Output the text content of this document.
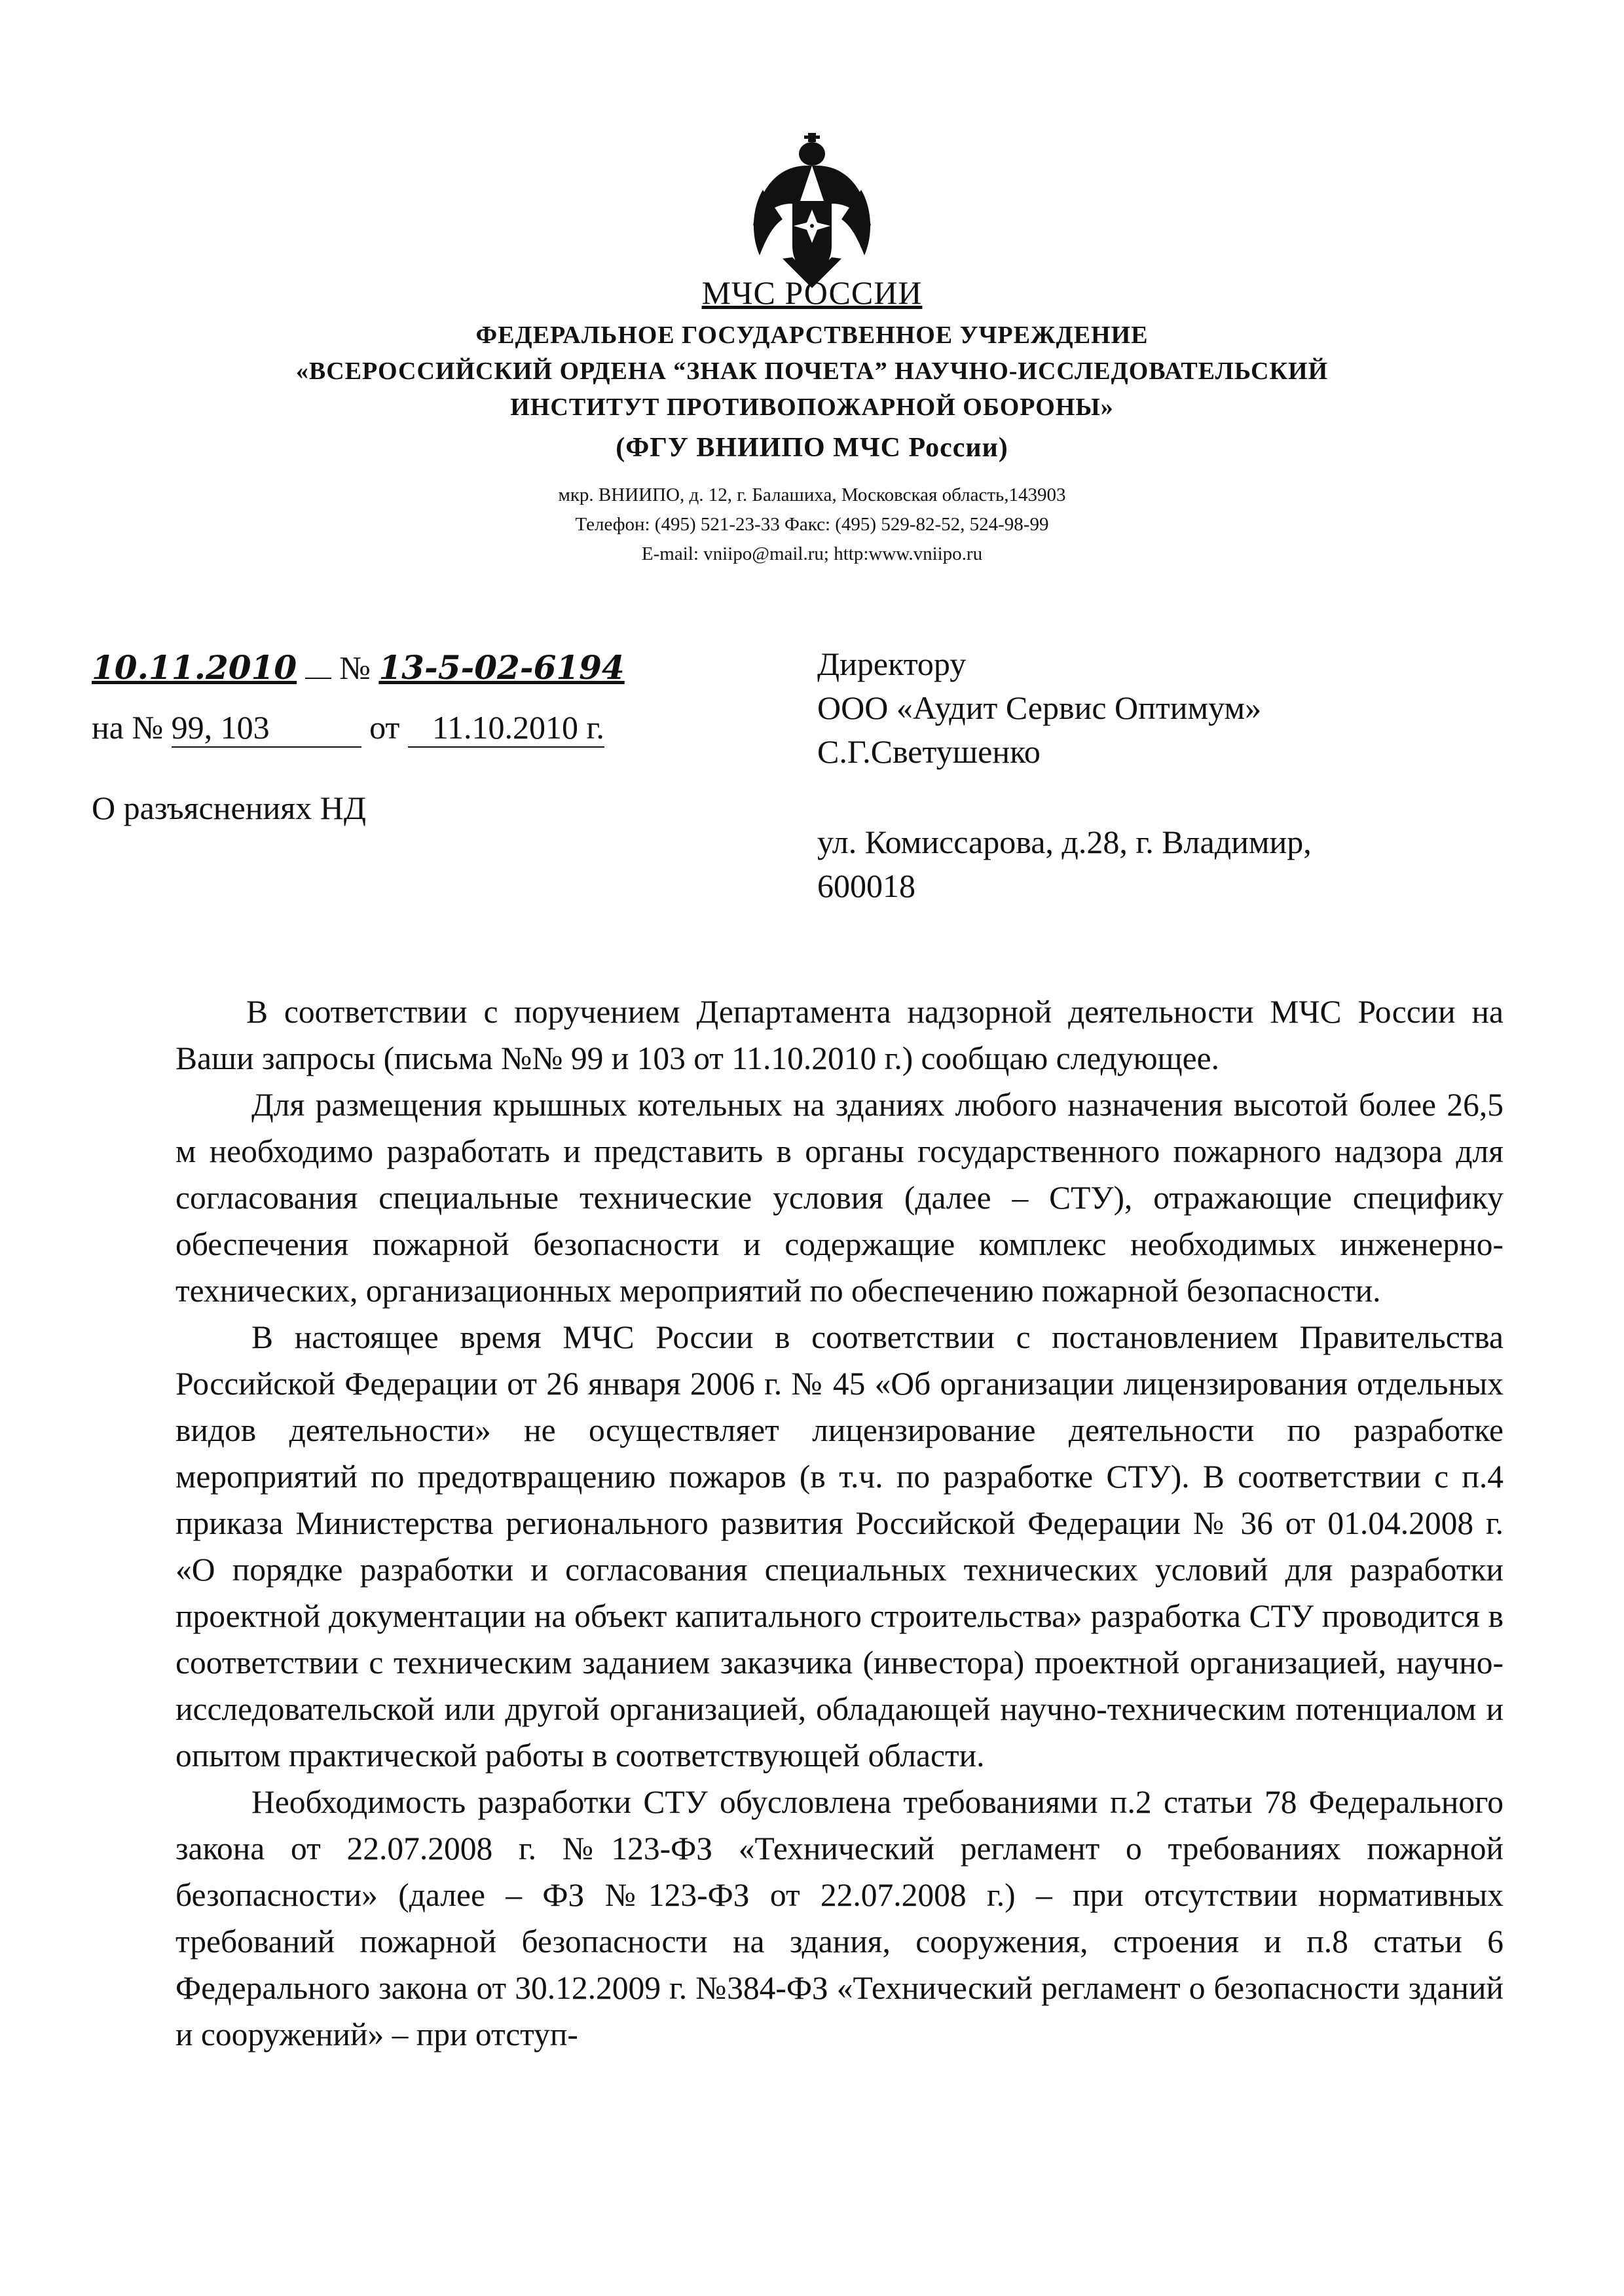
МЧС РОССИИ
ФЕДЕРАЛЬНОЕ ГОСУДАРСТВЕННОЕ УЧРЕЖДЕНИЕ
«ВСЕРОССИЙСКИЙ ОРДЕНА “ЗНАК ПОЧЕТА” НАУЧНО-ИССЛЕДОВАТЕЛЬСКИЙ
ИНСТИТУТ ПРОТИВОПОЖАРНОЙ ОБОРОНЫ»
(ФГУ ВНИИПО МЧС России)
мкр. ВНИИПО, д. 12, г. Балашиха, Московская область,143903
Телефон: (495) 521-23-33 Факс: (495) 529-82-52, 524-98-99
E-mail: vniipo@mail.ru; http:www.vniipo.ru
10.11.2010 № 13-5-02-6194
на № 99, 103	от 11.10.2010 г.
О разъяснениях НД
Директору
ООО «Аудит Сервис Оптимум»
С.Г.Светушенко
ул. Комиссарова, д.28, г. Владимир,
600018

В соответствии с поручением Департамента надзорной деятельности МЧС России на Ваши запросы (письма №№ 99 и 103 от 11.10.2010 г.) сообщаю следующее.

Для размещения крышных котельных на зданиях любого назначения высотой более 26,5 м необходимо разработать и представить в органы государственного пожарного надзора для согласования специальные технические условия (далее – СТУ), отражающие специфику обеспечения пожарной безопасности и содержащие комплекс необходимых инженерно-технических, организационных мероприятий по обеспечению пожарной безопасности.

В настоящее время МЧС России в соответствии с постановлением Правительства Российской Федерации от 26 января 2006 г. № 45 «Об организации лицензирования отдельных видов деятельности» не осуществляет лицензирование деятельности по разработке мероприятий по предотвращению пожаров (в т.ч. по разработке СТУ). В соответствии с п.4 приказа Министерства регионального развития Российской Федерации № 36 от 01.04.2008 г. «О порядке разработки и согласования специальных технических условий для разработки проектной документации на объект капитального строительства» разработка СТУ проводится в соответствии с техническим заданием заказчика (инвестора) проектной организацией, научно-исследовательской или другой организацией, обладающей научно-техническим потенциалом и опытом практической работы в соответствующей области.

Необходимость разработки СТУ обусловлена требованиями п.2 статьи 78 Федерального закона от 22.07.2008 г. №123-ФЗ «Технический регламент о требованиях пожарной безопасности» (далее – ФЗ №123-ФЗ от 22.07.2008 г.) – при отсутствии нормативных требований пожарной безопасности на здания, сооружения, строения и п.8 статьи 6 Федерального закона от 30.12.2009 г. №384-ФЗ «Технический регламент о безопасности зданий и сооружений» – при отступ-
